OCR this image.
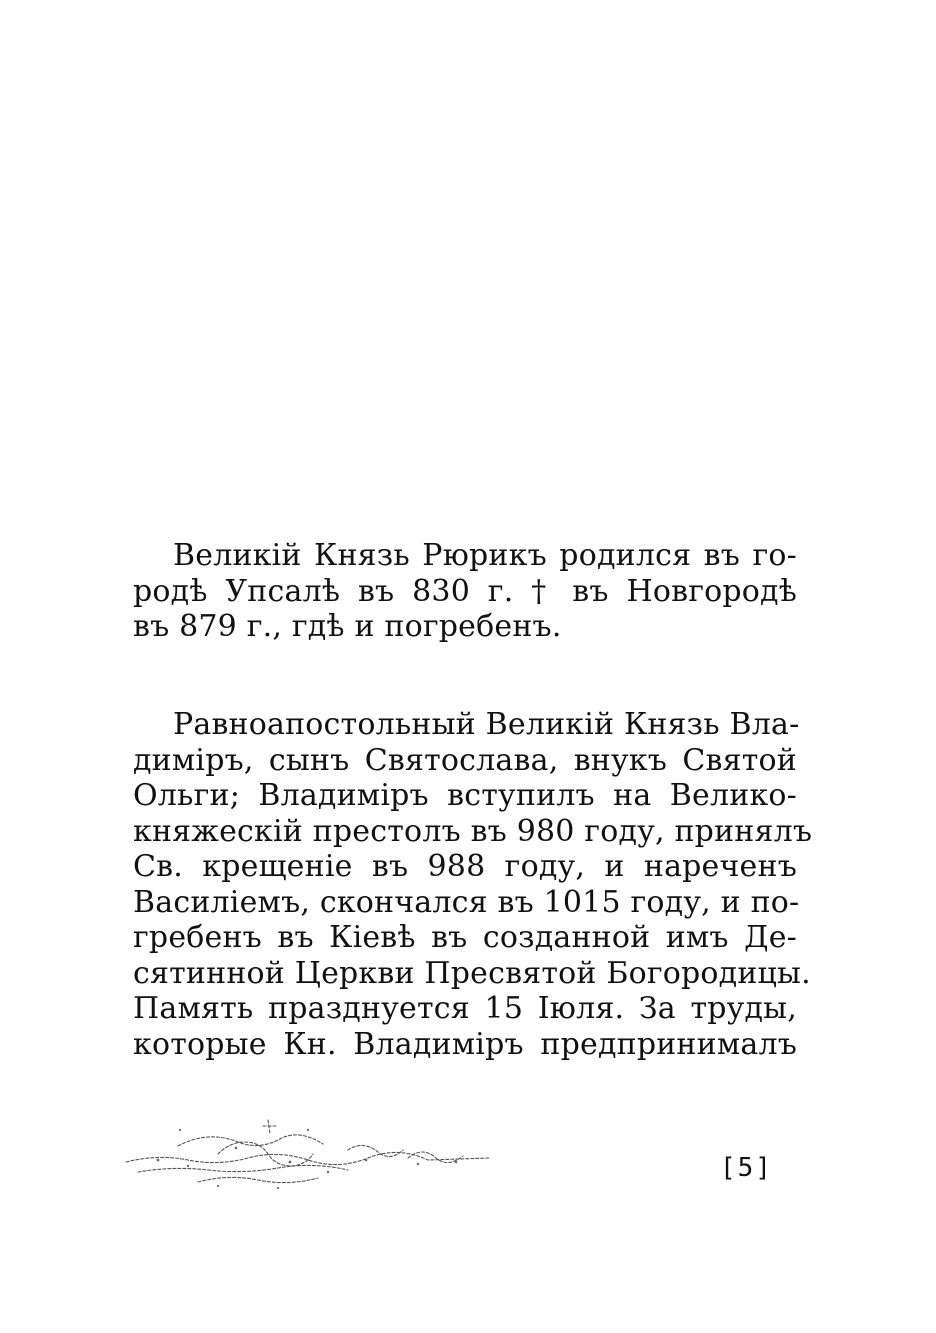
Великій Князь Рюрикъ родился въ го-
родѣ Упсалѣ въ 830 г. † въ Новгородѣ
въ 879 г., гдѣ и погребенъ.
Равноапостольный Великій Князь Вла-
диміръ, сынъ Святослава, внукъ Святой
Ольги; Владиміръ вступилъ на Велико-
княжескій престолъ въ 980 году, принялъ
Св. крещеніе въ 988 году, и нареченъ
Василіемъ, скончался въ 1015 году, и по-
гребенъ въ Кіевѣ въ созданной имъ Де-
сятинной Церкви Пресвятой Богородицы.
Память празднуется 15 Іюля. За труды,
которые Кн. Владиміръ предпринималъ
[5]
